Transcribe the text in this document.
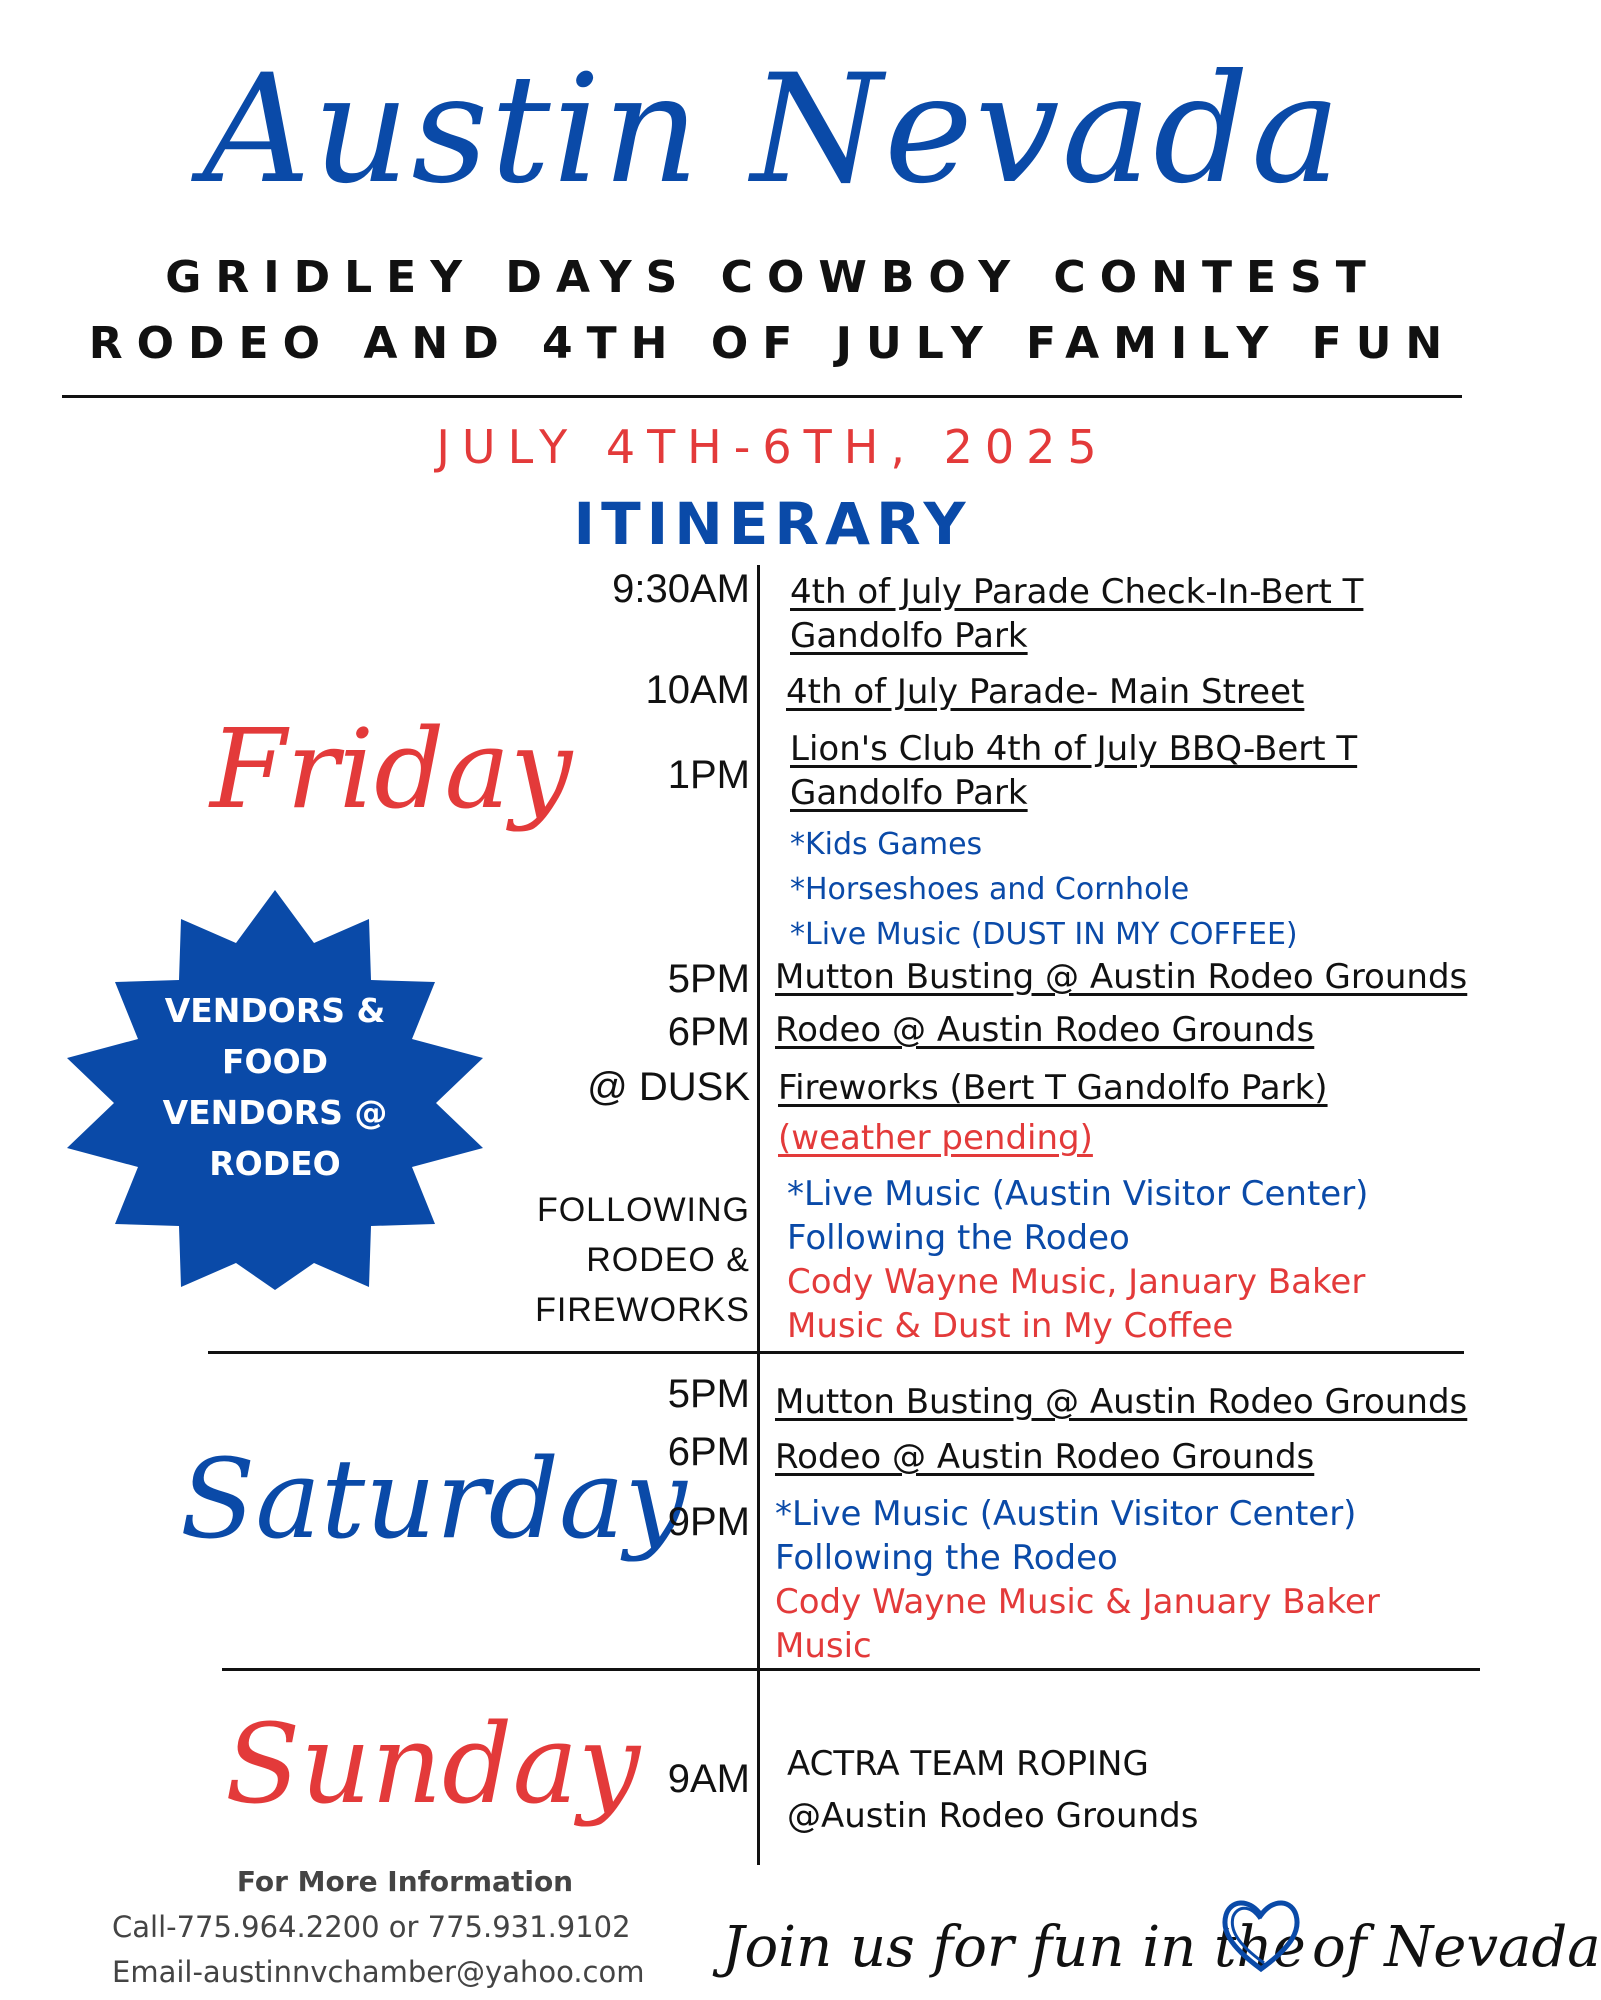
Austin Nevada
GRIDLEY DAYS COWBOY CONTEST
RODEO AND 4TH OF JULY FAMILY FUN
JULY 4TH-6TH, 2025
ITINERARY
Friday
Saturday
Sunday
VENDORS &
FOOD
VENDORS @
RODEO
9:30AM
10AM
1PM
5PM
6PM
@ DUSK
FOLLOWING
RODEO &
FIREWORKS
4th of July Parade Check-In-Bert T
Gandolfo Park
4th of July Parade- Main Street
Lion's Club 4th of July BBQ-Bert T
Gandolfo Park
*Kids Games
*Horseshoes and Cornhole
*Live Music (DUST IN MY COFFEE)
Mutton Busting @ Austin Rodeo Grounds
Rodeo @ Austin Rodeo Grounds
Fireworks (Bert T Gandolfo Park)
(weather pending)
*Live Music (Austin Visitor Center)
Following the Rodeo
Cody Wayne Music, January Baker
Music & Dust in My Coffee
5PM
6PM
9PM
Mutton Busting @ Austin Rodeo Grounds
Rodeo @ Austin Rodeo Grounds
*Live Music (Austin Visitor Center)
Following the Rodeo
Cody Wayne Music & January Baker
Music
9AM ACTRA TEAM ROPING
@Austin Rodeo Grounds
For More Information
Call-775.964.2200 or 775.931.9102
Email-austinnvchamber@yahoo.com Join us for fun in the of Nevada
